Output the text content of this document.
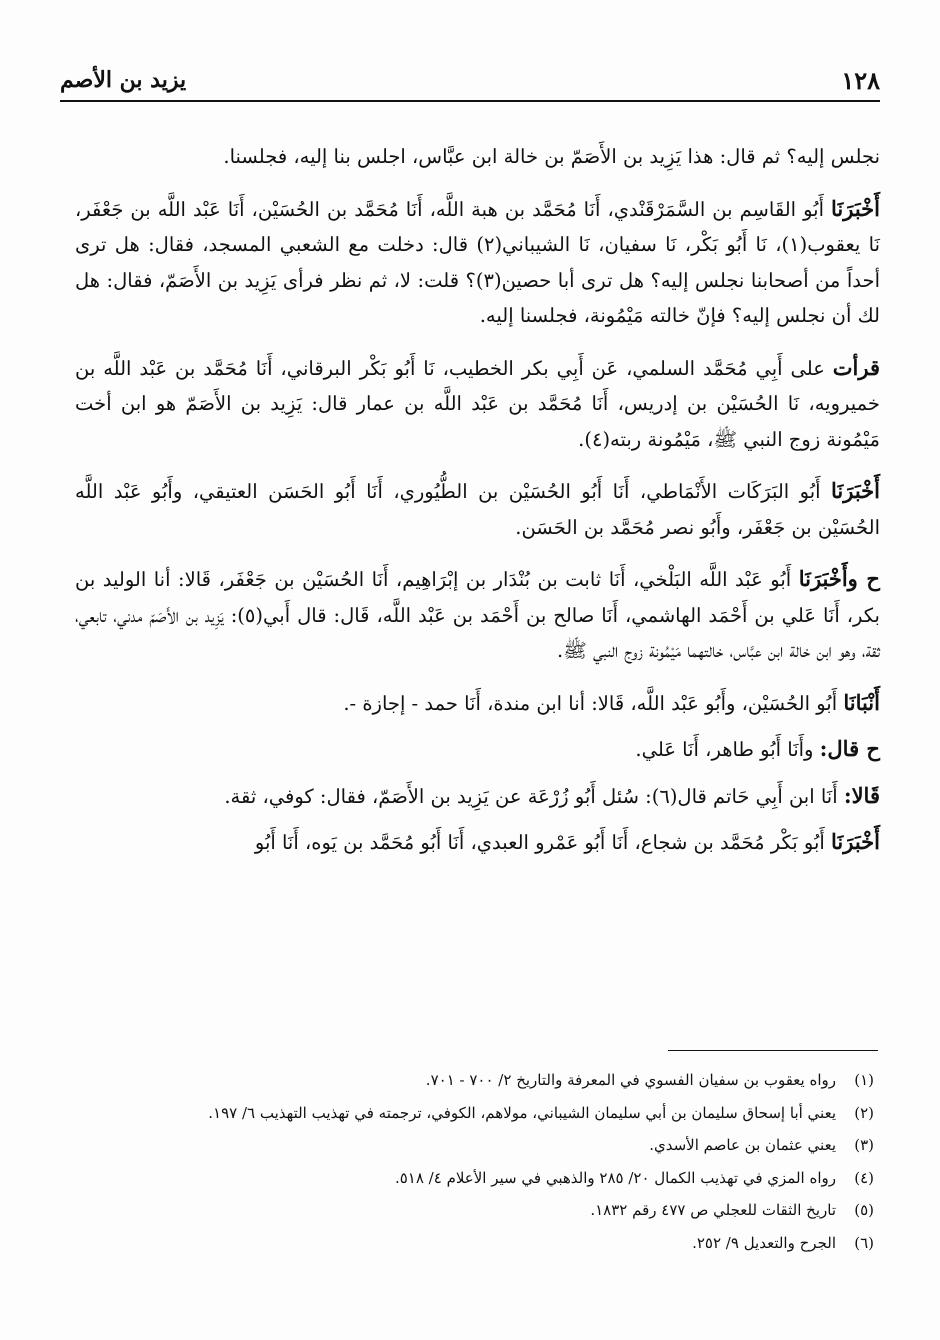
١٢٨
يزيد بن الأصم

نجلس إليه؟ ثم قال: هذا يَزِيد بن الأَصَمّ بن خالة ابن عبَّاس، اجلس بنا إليه، فجلسنا.

أَخْبَرَنَا أَبُو القَاسِم بن السَّمَرْقَنْدي، أَنَا مُحَمَّد بن هبة اللَّه، أَنَا مُحَمَّد بن الحُسَيْن، أَنَا عَبْد اللَّه بن جَعْفَر، نَا يعقوب(١)، نَا أَبُو بَكْر، نَا سفيان، نَا الشيباني(٢) قال: دخلت مع الشعبي المسجد، فقال: هل ترى أحداً من أصحابنا نجلس إليه؟ هل ترى أبا حصين(٣)؟ قلت: لا، ثم نظر فرأى يَزِيد بن الأَصَمّ، فقال: هل لك أن نجلس إليه؟ فإنّ خالته مَيْمُونة، فجلسنا إليه.

قرأت على أَبِي مُحَمَّد السلمي، عَن أَبِي بكر الخطيب، نَا أَبُو بَكْر البرقاني، أَنَا مُحَمَّد بن عَبْد اللَّه بن خميرويه، نَا الحُسَيْن بن إدريس، أَنَا مُحَمَّد بن عَبْد اللَّه بن عمار قال: يَزِيد بن الأَصَمّ هو ابن أخت مَيْمُونة زوج النبي ﷺ، مَيْمُونة ربته(٤).

أَخْبَرَنَا أَبُو البَرَكَات الأَنْمَاطي، أَنَا أَبُو الحُسَيْن بن الطُّيُوري، أَنَا أَبُو الحَسَن العتيقي، وأَبُو عَبْد اللَّه الحُسَيْن بن جَعْفَر، وأَبُو نصر مُحَمَّد بن الحَسَن.

ح وأَخْبَرَنَا أَبُو عَبْد اللَّه البَلْخي، أَنَا ثابت بن بُنْدَار بن إبْرَاهِيم، أَنَا الحُسَيْن بن جَعْفَر، قَالا: أنا الوليد بن بكر، أَنَا عَلي بن أَحْمَد الهاشمي، أَنَا صالح بن أَحْمَد بن عَبْد اللَّه، قَال: قال أَبي(٥): يَزِيد بن الأَصَمّ مدني، تابعي، ثقة، وهو ابن خالة ابن عبَّاس، خالتهما مَيْمُونة زوج النبي ﷺ.

أَنْبَانَا أَبُو الحُسَيْن، وأَبُو عَبْد اللَّه، قَالا: أنا ابن مندة، أَنَا حمد - إجازة -.

ح قال: وأَنَا أَبُو طاهر، أَنَا عَلي.

قَالا: أَنَا ابن أَبِي حَاتم قال(٦): سُئل أَبُو زُرْعَة عن يَزِيد بن الأَصَمّ، فقال: كوفي، ثقة.

أَخْبَرَنَا أَبُو بَكْر مُحَمَّد بن شجاع، أَنَا أَبُو عَمْرو العبدي، أَنَا أَبُو مُحَمَّد بن يَوه، أَنَا أَبُو

(١)
رواه يعقوب بن سفيان الفسوي في المعرفة والتاريخ ٢/ ٧٠٠ - ٧٠١.
(٢)
يعني أبا إسحاق سليمان بن أبي سليمان الشيباني، مولاهم، الكوفي، ترجمته في تهذيب التهذيب ٦/ ١٩٧.
(٣)
يعني عثمان بن عاصم الأسدي.
(٤)
رواه المزي في تهذيب الكمال ٢٠/ ٢٨٥ والذهبي في سير الأعلام ٤/ ٥١٨.
(٥)
تاريخ الثقات للعجلي ص ٤٧٧ رقم ١٨٣٢.
(٦)
الجرح والتعديل ٩/ ٢٥٢.
